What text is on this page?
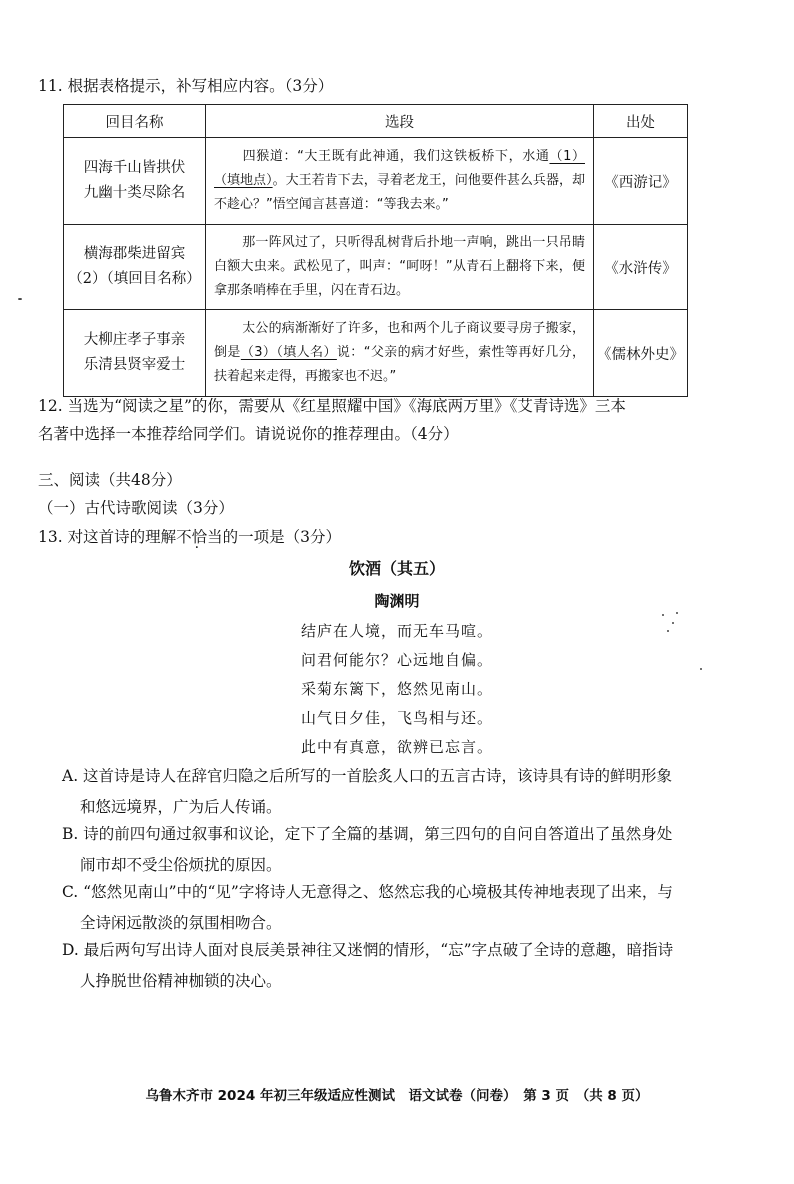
11. 根据表格提示，补写相应内容。（3分）
回目名称	选段	出处

四海千山皆拱伏
九幽十类尽除名	四猴道：“大王既有此神通，我们这铁板桥下，水通（1）（填地点）。大王若肯下去，寻着老龙王，问他要件甚么兵器，却不趁心？”悟空闻言甚喜道：“等我去来。”	《西游记》

横海郡柴进留宾
（2）（填回目名称）	那一阵风过了，只听得乱树背后扑地一声响，跳出一只吊睛白额大虫来。武松见了，叫声：“呵呀！”从青石上翻将下来，便拿那条哨棒在手里，闪在青石边。	《水浒传》

大柳庄孝子事亲
乐清县贤宰爱士	太公的病渐渐好了许多，也和两个儿子商议要寻房子搬家，倒是（3）（填人名）说：“父亲的病才好些，索性等再好几分，扶着起来走得，再搬家也不迟。”	《儒林外史》
12. 当选为“阅读之星”的你，需要从《红星照耀中国》《海底两万里》《艾青诗选》三本
名著中选择一本推荐给同学们。请说说你的推荐理由。（4分）
三、阅读（共48分）
（一）古代诗歌阅读（3分）
13. 对这首诗的理解不恰当的一项是（3分）
饮酒（其五）
陶渊明
结庐在人境，而无车马喧。
问君何能尔？心远地自偏。
采菊东篱下，悠然见南山。
山气日夕佳，飞鸟相与还。
此中有真意，欲辨已忘言。
A. 这首诗是诗人在辞官归隐之后所写的一首脍炙人口的五言古诗，该诗具有诗的鲜明形象和悠远境界，广为后人传诵。
B. 诗的前四句通过叙事和议论，定下了全篇的基调，第三四句的自问自答道出了虽然身处闹市却不受尘俗烦扰的原因。
C. “悠然见南山”中的“见”字将诗人无意得之、悠然忘我的心境极其传神地表现了出来，与全诗闲远散淡的氛围相吻合。
D. 最后两句写出诗人面对良辰美景神往又迷惘的情形，“忘”字点破了全诗的意趣，暗指诗人挣脱世俗精神枷锁的决心。
乌鲁木齐市 2024 年初三年级适应性测试　语文试卷（问卷）　第 3 页　（共 8 页）
